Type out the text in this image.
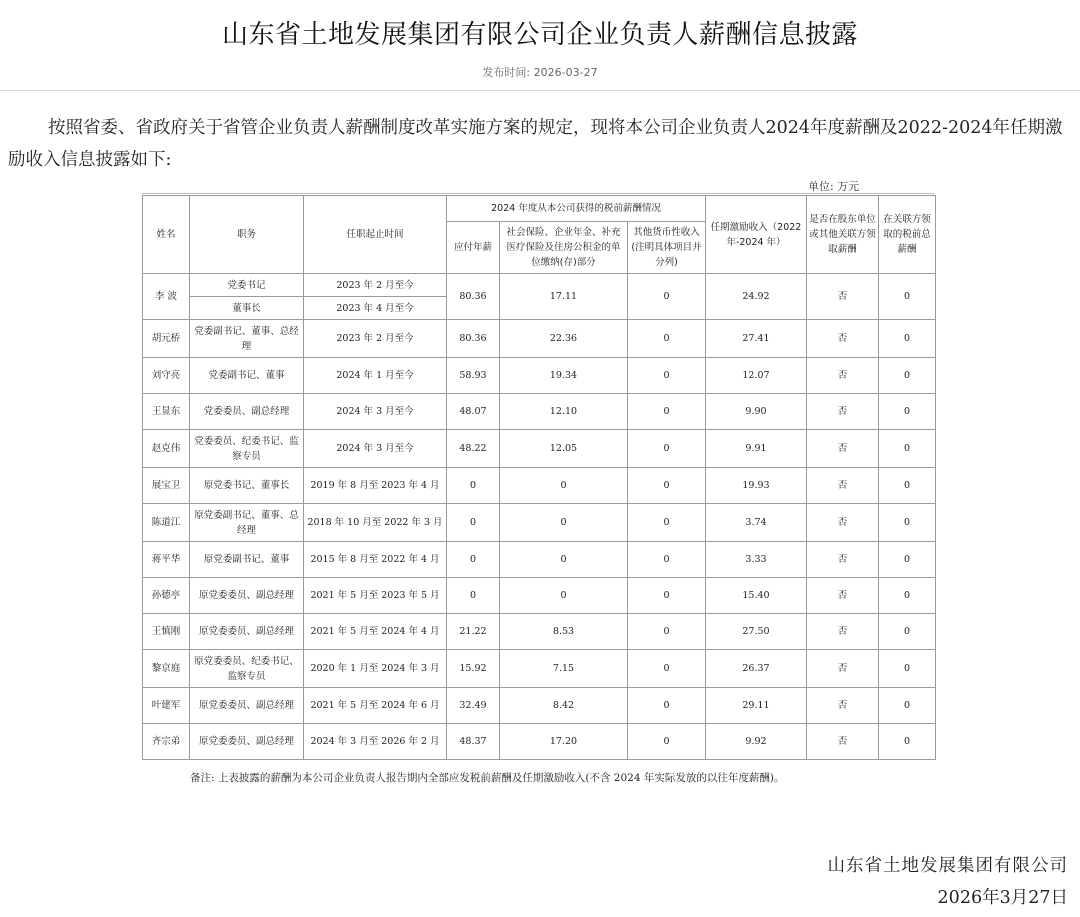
山东省土地发展集团有限公司企业负责人薪酬信息披露
发布时间: 2026-03-27
按照省委、省政府关于省管企业负责人薪酬制度改革实施方案的规定，现将本公司企业负责人2024年度薪酬及2022-2024年任期激励收入信息披露如下:
单位: 万元
姓名	职务	任职起止时间	2024 年度从本公司获得的税前薪酬情况			任期激励收入（2022 年-2024 年）	是否在股东单位或其他关联方领取薪酬	在关联方领取的税前总薪酬
			应付年薪	社会保险、企业年金、补充医疗保险及住房公积金的单位缴纳(存)部分	其他货币性收入(注明具体项目并分列)			
李 波	党委书记	2023 年 2 月至今	80.36	17.11	0	24.92	否	0
	董事长	2023 年 4 月至今						
胡元桥	党委副书记、董事、总经理	2023 年 2 月至今	80.36	22.36	0	27.41	否	0
刘守亮	党委副书记、董事	2024 年 1 月至今	58.93	19.34	0	12.07	否	0
王显东	党委委员、副总经理	2024 年 3 月至今	48.07	12.10	0	9.90	否	0
赵克伟	党委委员、纪委书记、监察专员	2024 年 3 月至今	48.22	12.05	0	9.91	否	0
展宝卫	原党委书记、董事长	2019 年 8 月至 2023 年 4 月	0	0	0	19.93	否	0
陈道江	原党委副书记、董事、总经理	2018 年 10 月至 2022 年 3 月	0	0	0	3.74	否	0
蒋平华	原党委副书记、董事	2015 年 8 月至 2022 年 4 月	0	0	0	3.33	否	0
孙德亭	原党委委员、副总经理	2021 年 5 月至 2023 年 5 月	0	0	0	15.40	否	0
王慎刚	原党委委员、副总经理	2021 年 5 月至 2024 年 4 月	21.22	8.53	0	27.50	否	0
黎京庭	原党委委员、纪委书记、监察专员	2020 年 1 月至 2024 年 3 月	15.92	7.15	0	26.37	否	0
叶建军	原党委委员、副总经理	2021 年 5 月至 2024 年 6 月	32.49	8.42	0	29.11	否	0
齐宗弟	原党委委员、副总经理	2024 年 3 月至 2026 年 2 月	48.37	17.20	0	9.92	否	0
备注: 上表披露的薪酬为本公司企业负责人报告期内全部应发税前薪酬及任期激励收入(不含 2024 年实际发放的以往年度薪酬)。
山东省土地发展集团有限公司
2026年3月27日
